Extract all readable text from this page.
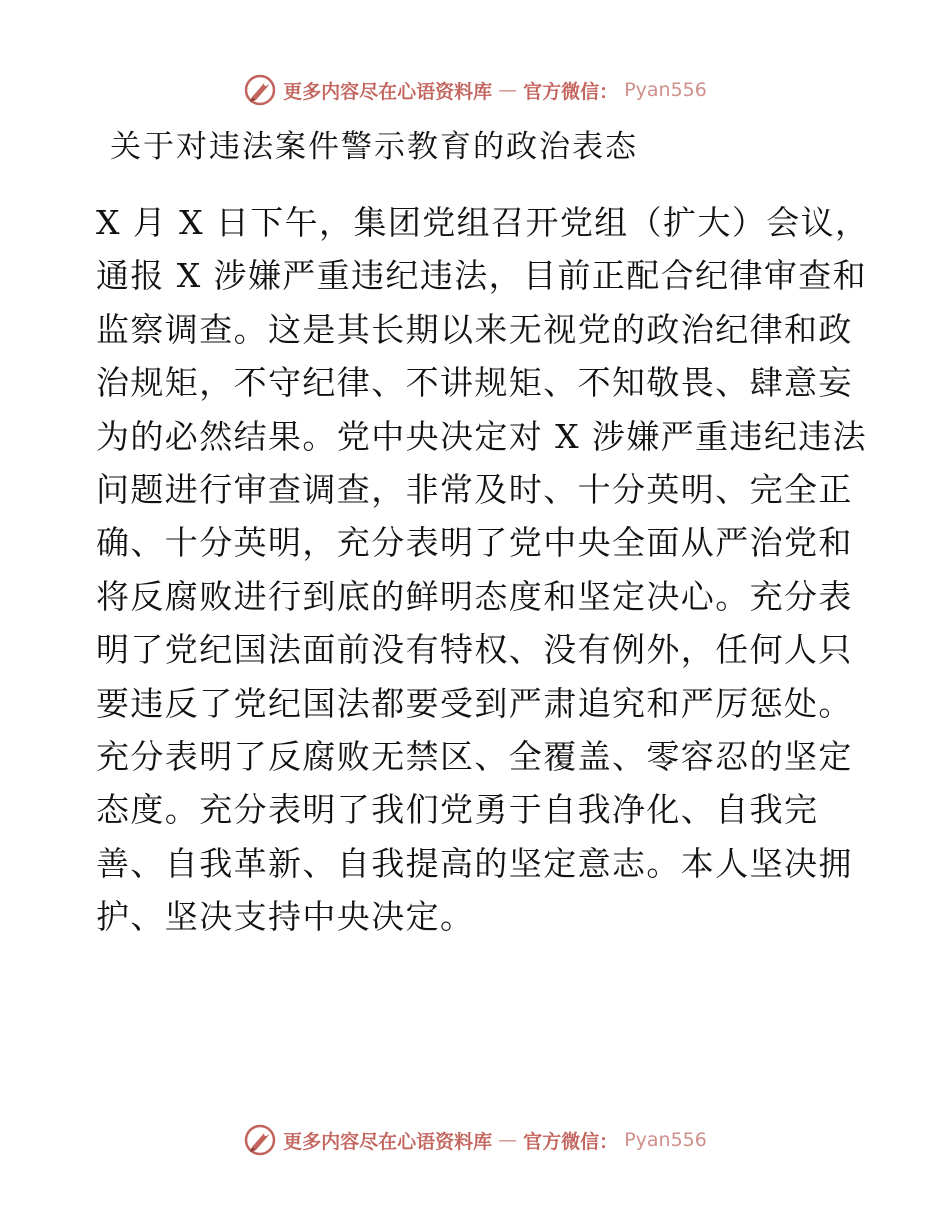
更多内容尽在心语资料库 — 官方微信： Pyan556
关于对违法案件警示教育的政治表态
X 月 X 日下午，集团党组召开党组（扩大）会议，
通报 X 涉嫌严重违纪违法，目前正配合纪律审查和
监察调查。这是其长期以来无视党的政治纪律和政
治规矩，不守纪律、不讲规矩、不知敬畏、肆意妄
为的必然结果。党中央决定对 X 涉嫌严重违纪违法
问题进行审查调查，非常及时、十分英明、完全正
确、十分英明，充分表明了党中央全面从严治党和
将反腐败进行到底的鲜明态度和坚定决心。充分表
明了党纪国法面前没有特权、没有例外，任何人只
要违反了党纪国法都要受到严肃追究和严厉惩处。
充分表明了反腐败无禁区、全覆盖、零容忍的坚定
态度。充分表明了我们党勇于自我净化、自我完
善、自我革新、自我提高的坚定意志。本人坚决拥
护、坚决支持中央决定。
更多内容尽在心语资料库 — 官方微信： Pyan556
